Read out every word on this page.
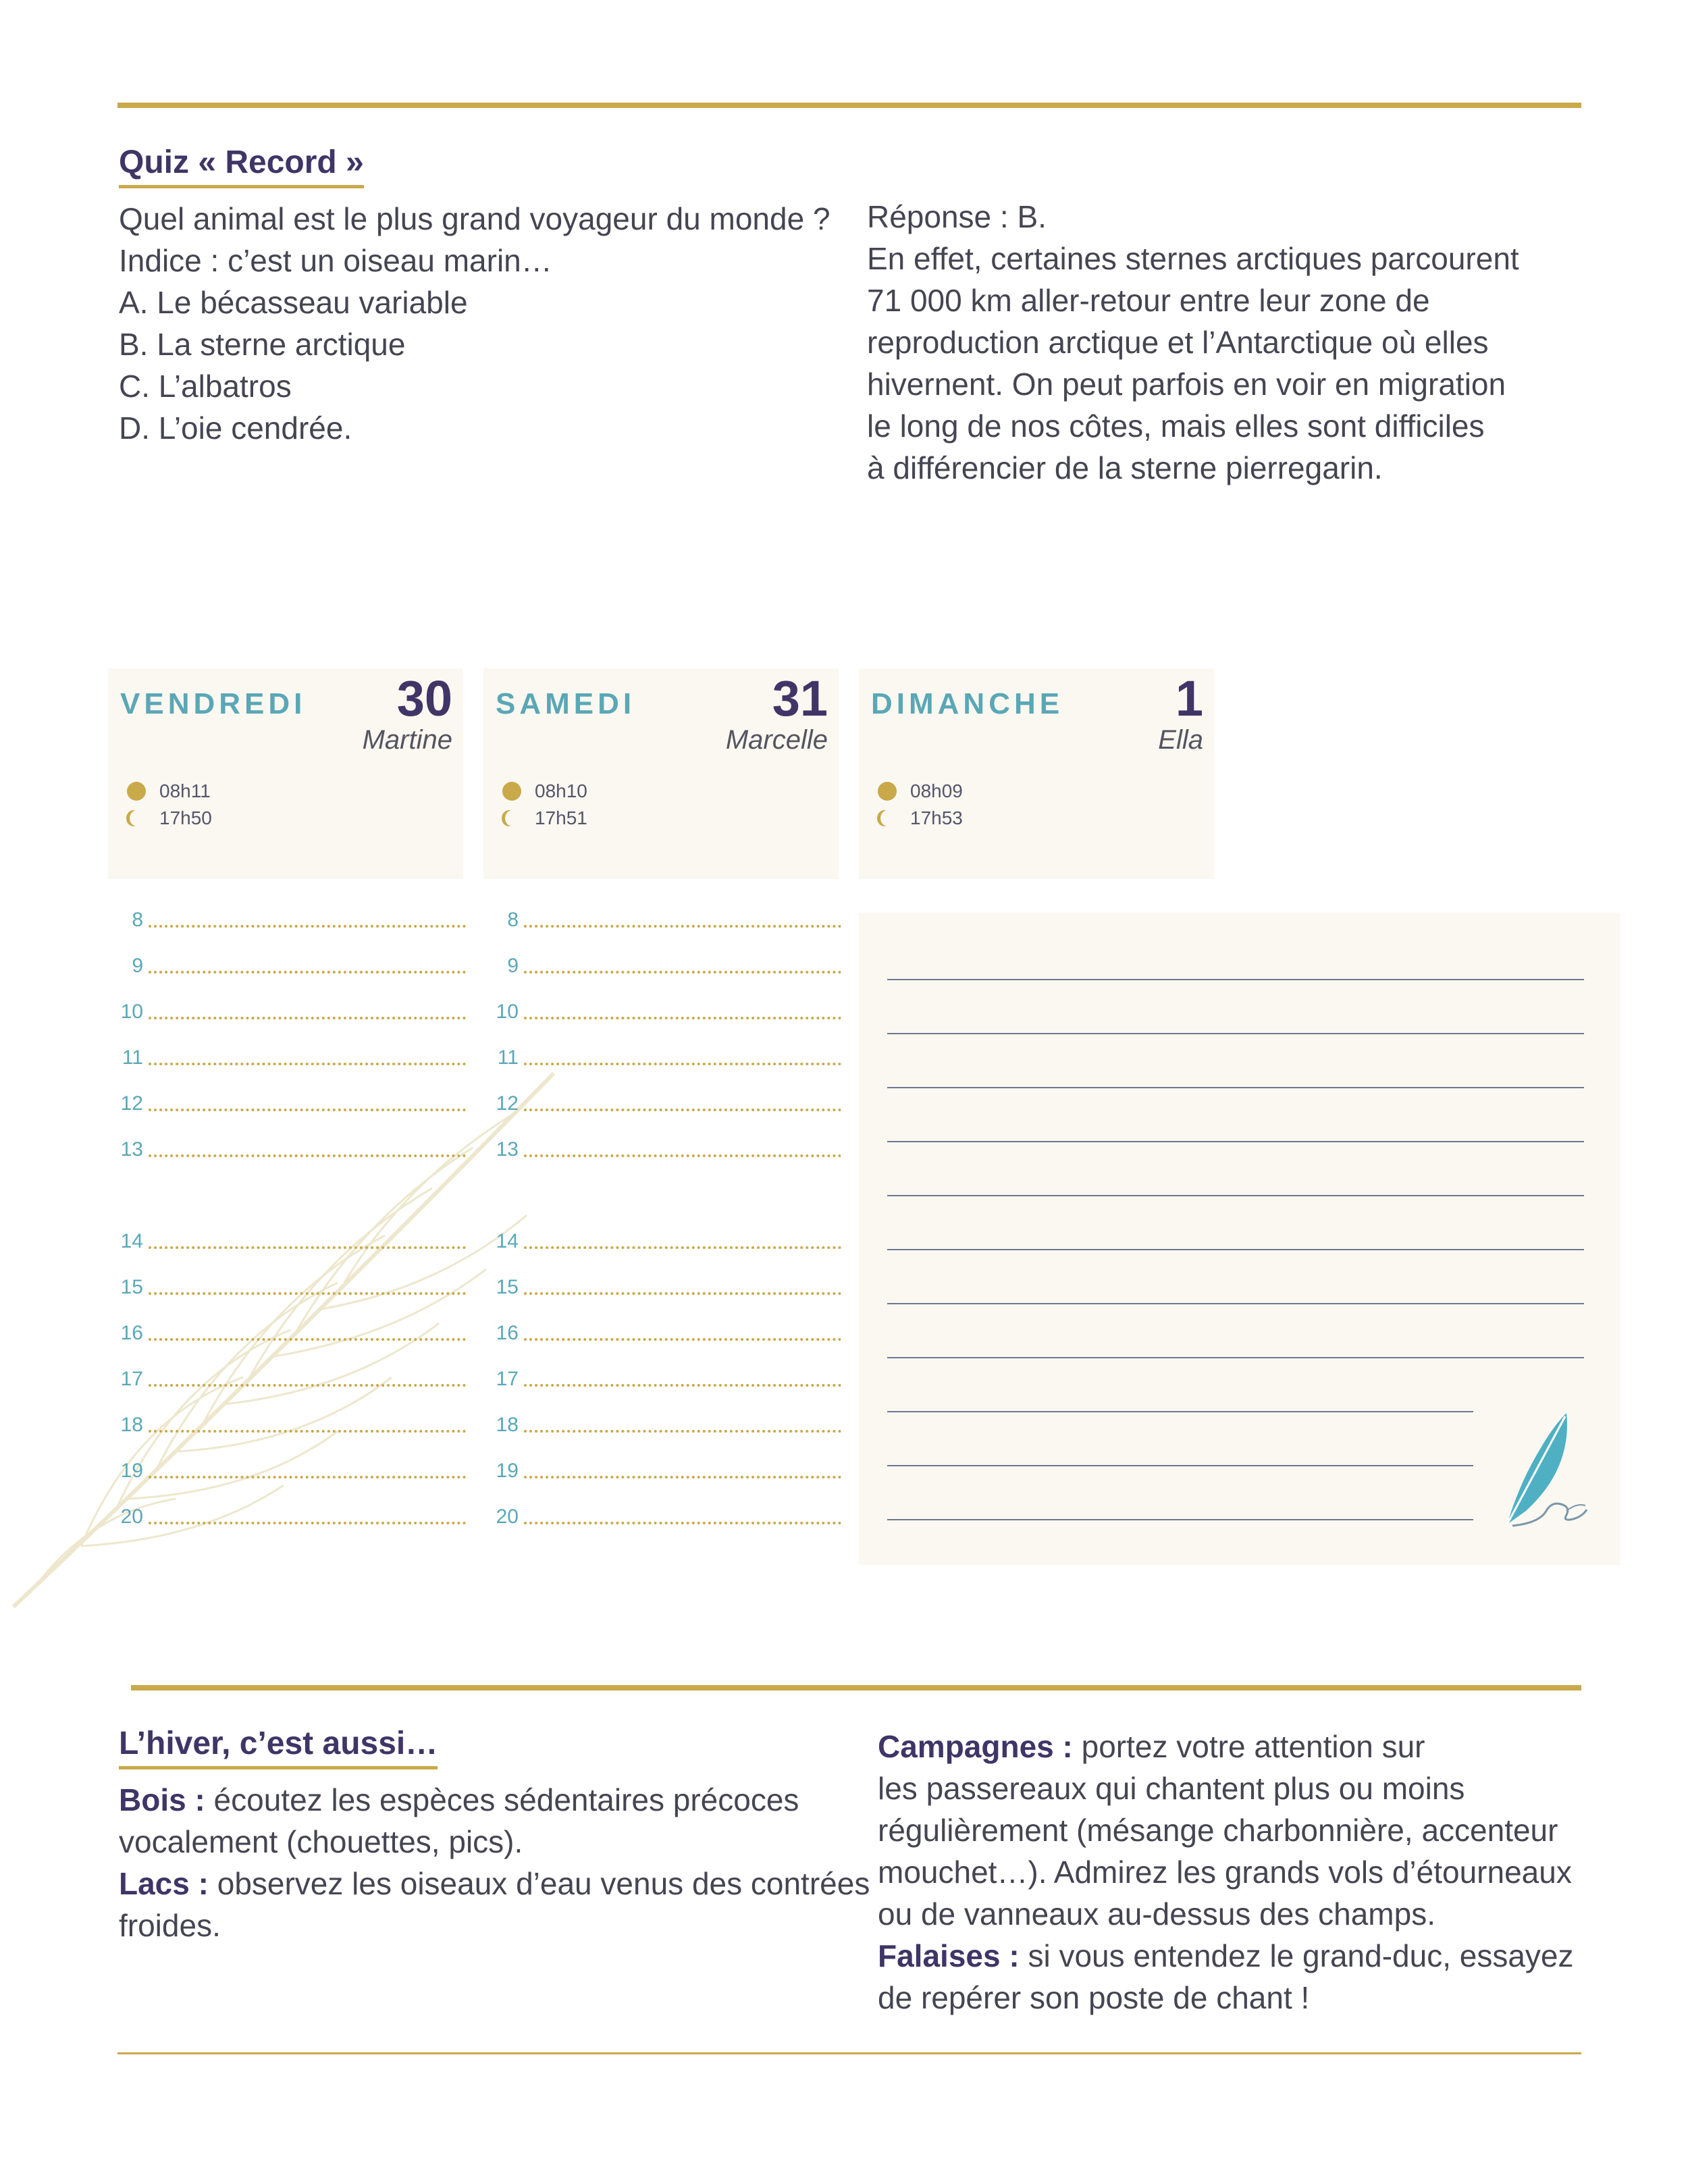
Quiz « Record »
Quel animal est le plus grand voyageur du monde ?
Indice : c’est un oiseau marin…
A. Le bécasseau variable
B. La sterne arctique
C. L’albatros
D. L’oie cendrée.
Réponse : B.
En effet, certaines sternes arctiques parcourent
71 000 km aller-retour entre leur zone de
reproduction arctique et l’Antarctique où elles
hivernent. On peut parfois en voir en migration
le long de nos côtes, mais elles sont difficiles
à différencier de la sterne pierregarin.
VENDREDI 30
Martine
08h11
17h50
SAMEDI	31
Marcelle
08h10
17h51
DIMANCHE 1
Ella
08h09
17h53
8
9
10
11
12
13
14
15
16
17
18
19
20
8
9
10
11
12
13
14
15
16
17
18
19
20
L’hiver, c’est aussi…
Bois : écoutez les espèces sédentaires précoces
vocalement (chouettes, pics).
Lacs : observez les oiseaux d’eau venus des contrées
froides.
Campagnes : portez votre attention sur
les passereaux qui chantent plus ou moins
régulièrement (mésange charbonnière, accenteur
mouchet…). Admirez les grands vols d’étourneaux
ou de vanneaux au-dessus des champs.
Falaises : si vous entendez le grand-duc, essayez
de repérer son poste de chant !
